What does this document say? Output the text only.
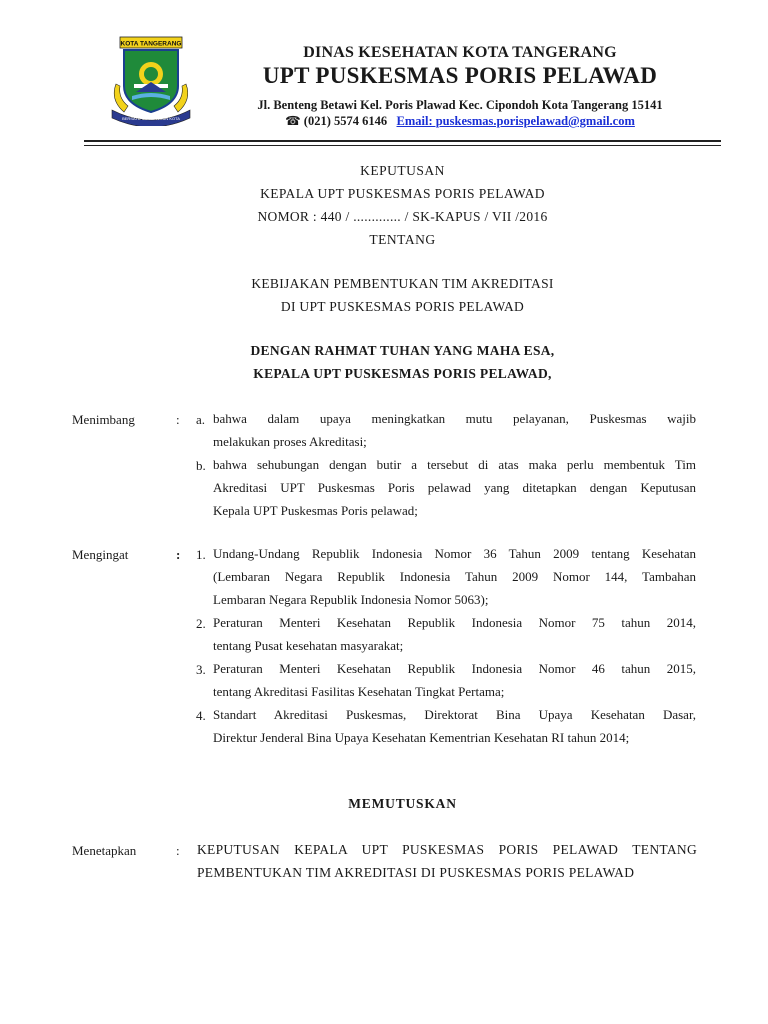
KOTA TANGERANG
BERSATU MEMBANGUN KOTA
DINAS KESEHATAN KOTA TANGERANG
UPT PUSKESMAS PORIS PELAWAD
Jl. Benteng Betawi Kel. Poris Plawad Kec. Cipondoh Kota Tangerang 15141
☎ (021) 5574 6146 Email: puskesmas.porispelawad@gmail.com
KEPUTUSAN
KEPALA UPT PUSKESMAS PORIS PELAWAD
NOMOR : 440 / ............. / SK-KAPUS / VII /2016
TENTANG
KEBIJAKAN PEMBENTUKAN TIM AKREDITASI
DI UPT PUSKESMAS PORIS PELAWAD
DENGAN RAHMAT TUHAN YANG MAHA ESA,
KEPALA UPT PUSKESMAS PORIS PELAWAD,
Menimbang	: a. bahwa dalam upaya meningkatkan mutu pelayanan, Puskesmas wajib
melakukan proses Akreditasi;
b. bahwa sehubungan dengan butir a tersebut di atas maka perlu membentuk Tim
Akreditasi UPT Puskesmas Poris pelawad yang ditetapkan dengan Keputusan
Kepala UPT Puskesmas Poris pelawad;
Mengingat	: 1. Undang-Undang Republik Indonesia Nomor 36 Tahun 2009 tentang Kesehatan
(Lembaran Negara Republik Indonesia Tahun 2009 Nomor 144, Tambahan
Lembaran Negara Republik Indonesia Nomor 5063);
2. Peraturan Menteri Kesehatan Republik Indonesia Nomor 75 tahun 2014,
tentang Pusat kesehatan masyarakat;
3. Peraturan Menteri Kesehatan Republik Indonesia Nomor 46 tahun 2015,
tentang Akreditasi Fasilitas Kesehatan Tingkat Pertama;
4. Standart Akreditasi Puskesmas, Direktorat Bina Upaya Kesehatan Dasar,
Direktur Jenderal Bina Upaya Kesehatan Kementrian Kesehatan RI tahun 2014;
MEMUTUSKAN
Menetapkan	: KEPUTUSAN KEPALA UPT PUSKESMAS PORIS PELAWAD TENTANG
PEMBENTUKAN TIM AKREDITASI DI PUSKESMAS PORIS PELAWAD
